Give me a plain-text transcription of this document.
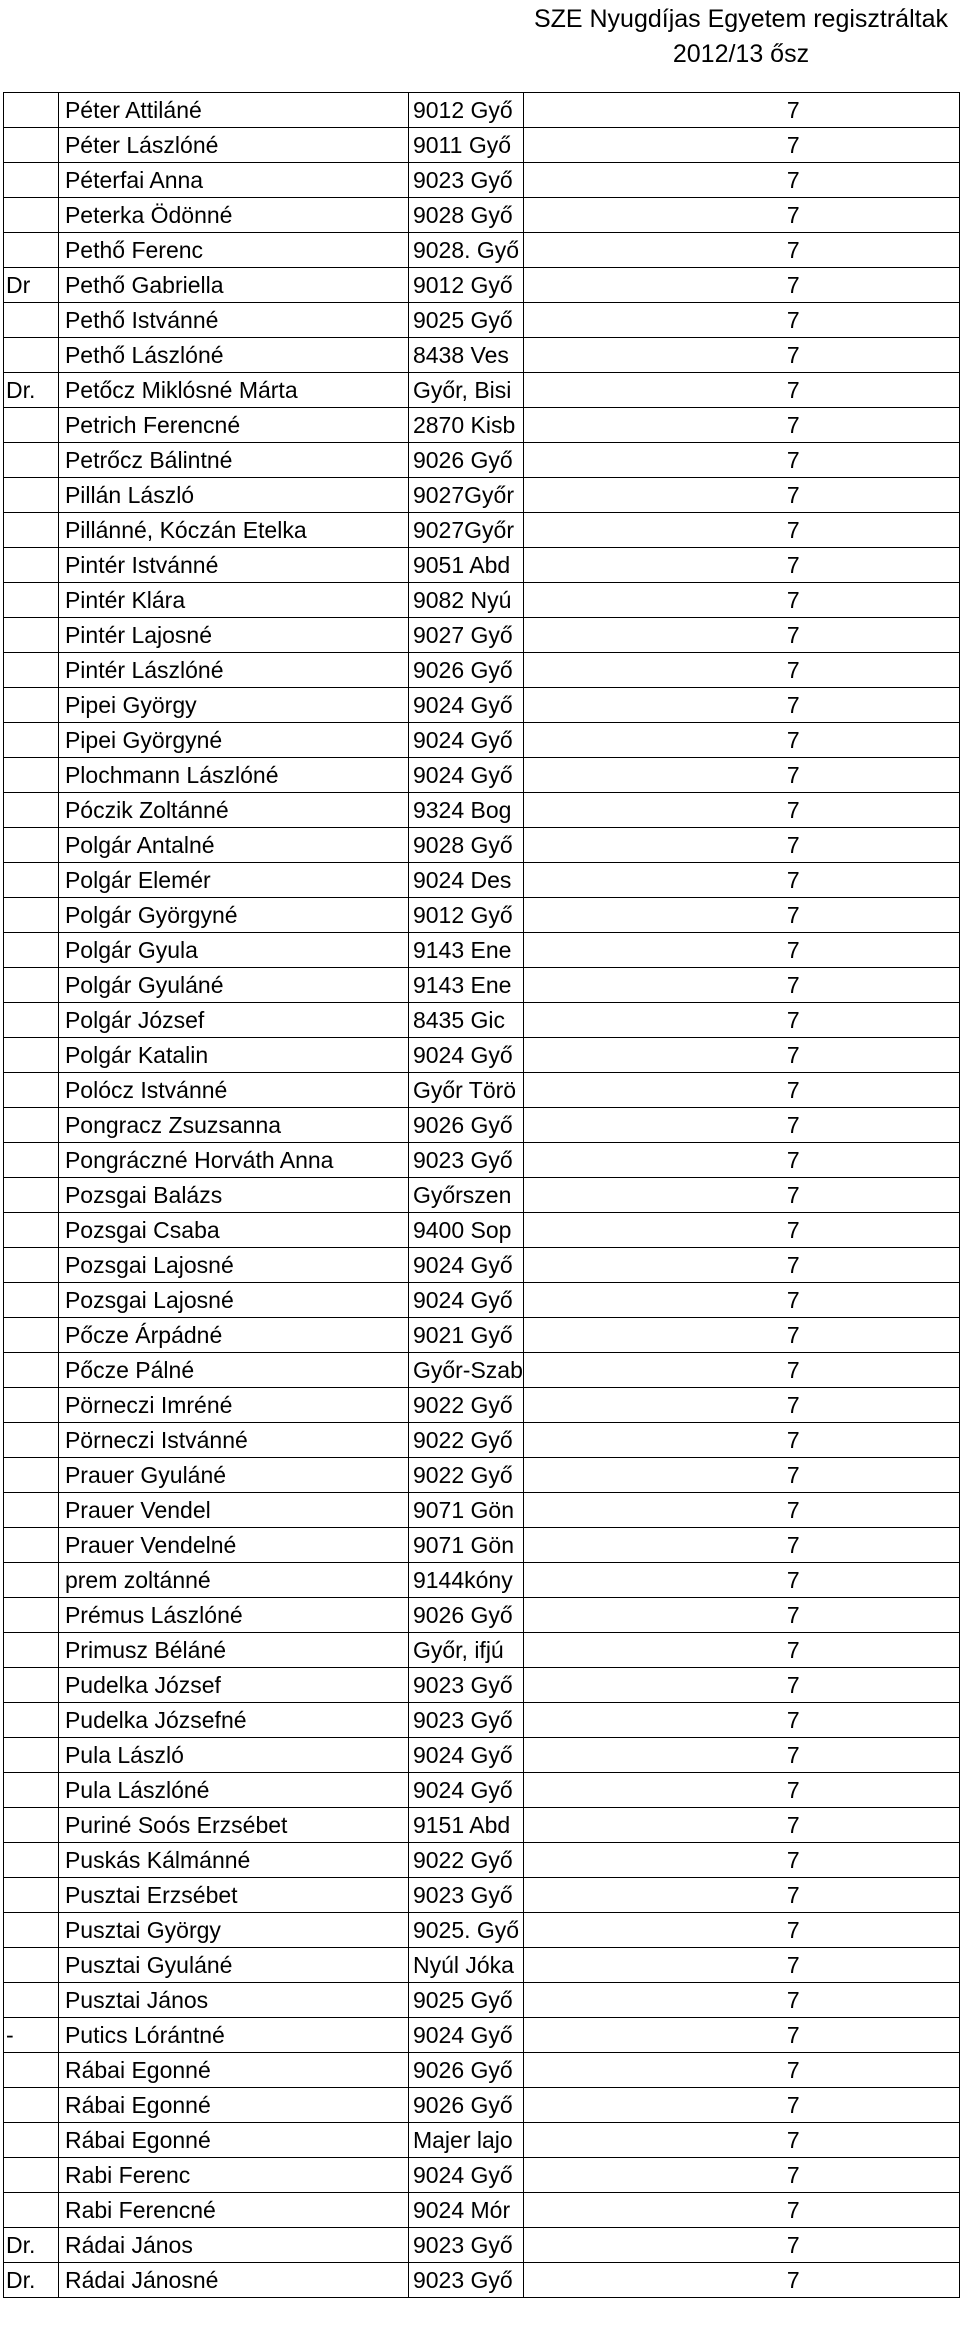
SZE Nyugdíjas Egyetem regisztráltak
2012/13 ősz
	Péter Attiláné	9012 Győ	7
	Péter Lászlóné	9011 Győ	7
	Péterfai Anna	9023 Győ	7
	Peterka Ödönné	9028 Győ	7
	Pethő Ferenc	9028. Győ	7
Dr	Pethő Gabriella	9012 Győ	7
	Pethő Istvánné	9025 Győ	7
	Pethő Lászlóné	8438 Ves	7
Dr.	Petőcz Miklósné Márta	Győr, Bisi	7
	Petrich Ferencné	2870 Kisb	7
	Petrőcz Bálintné	9026 Győ	7
	Pillán László	9027Győr	7
	Pillánné, Kóczán Etelka	9027Győr	7
	Pintér Istvánné	9051 Abd	7
	Pintér Klára	9082 Nyú	7
	Pintér Lajosné	9027 Győ	7
	Pintér Lászlóné	9026 Győ	7
	Pipei György	9024 Győ	7
	Pipei Györgyné	9024 Győ	7
	Plochmann Lászlóné	9024 Győ	7
	Póczik Zoltánné	9324 Bog	7
	Polgár Antalné	9028 Győ	7
	Polgár Elemér	9024 Des	7
	Polgár Györgyné	9012 Győ	7
	Polgár Gyula	9143 Ene	7
	Polgár Gyuláné	9143 Ene	7
	Polgár József	8435 Gic	7
	Polgár Katalin	9024 Győ	7
	Polócz Istvánné	Győr Törö	7
	Pongracz Zsuzsanna	9026 Győ	7
	Pongráczné Horváth Anna	9023 Győ	7
	Pozsgai Balázs	Győrszen	7
	Pozsgai Csaba	9400 Sop	7
	Pozsgai Lajosné	9024 Győ	7
	Pozsgai Lajosné	9024 Győ	7
	Pőcze Árpádné	9021 Győ	7
	Pőcze Pálné	Győr-Szab	7
	Pörneczi Imréné	9022 Győ	7
	Pörneczi Istvánné	9022 Győ	7
	Prauer Gyuláné	9022 Győ	7
	Prauer Vendel	9071 Gön	7
	Prauer Vendelné	9071 Gön	7
	prem zoltánné	9144kóny	7
	Prémus Lászlóné	9026 Győ	7
	Primusz Béláné	Győr, ifjú	7
	Pudelka József	9023 Győ	7
	Pudelka Józsefné	9023 Győ	7
	Pula László	9024 Győ	7
	Pula Lászlóné	9024 Győ	7
	Puriné Soós Erzsébet	9151 Abd	7
	Puskás Kálmánné	9022 Győ	7
	Pusztai Erzsébet	9023 Győ	7
	Pusztai György	9025. Győ	7
	Pusztai Gyuláné	Nyúl Jóka	7
	Pusztai János	9025 Győ	7
-	Putics Lórántné	9024 Győ	7
	Rábai Egonné	9026 Győ	7
	Rábai Egonné	9026 Győ	7
	Rábai Egonné	Majer lajo	7
	Rabi Ferenc	9024 Győ	7
	Rabi Ferencné	9024 Mór	7
Dr.	Rádai János	9023 Győ	7
Dr.	Rádai Jánosné	9023 Győ	7
